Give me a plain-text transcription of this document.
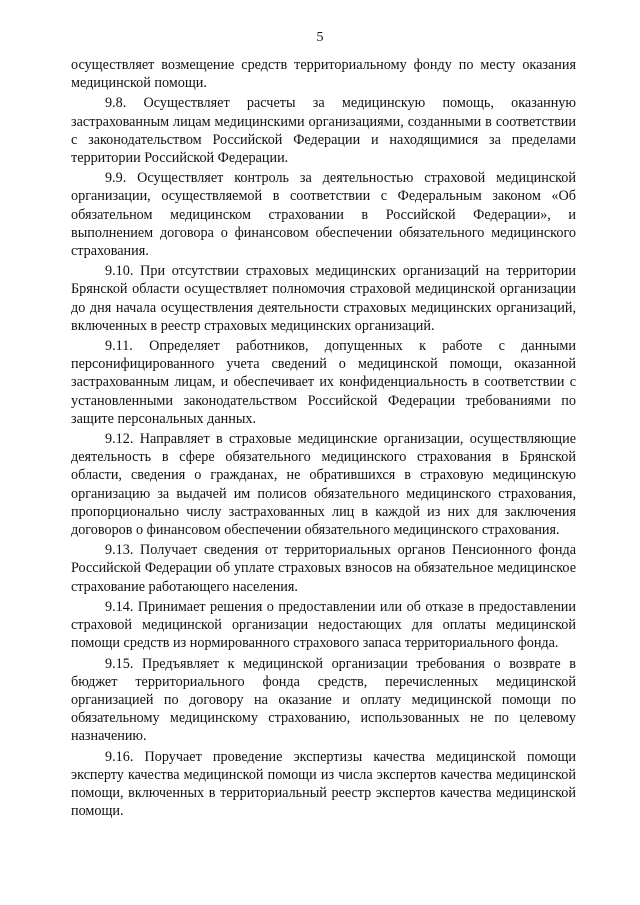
5

осуществляет возмещение средств территориальному фонду по месту оказания медицинской помощи.

9.8. Осуществляет расчеты за медицинскую помощь, оказанную застрахованным лицам медицинскими организациями, созданными в соответствии с законодательством Российской Федерации и находящимися за пределами территории Российской Федерации.

9.9. Осуществляет контроль за деятельностью страховой медицинской организации, осуществляемой в соответствии с Федеральным законом «Об обязательном медицинском страховании в Российской Федерации», и выполнением договора о финансовом обеспечении обязательного медицинского страхования.

9.10. При отсутствии страховых медицинских организаций на территории Брянской области осуществляет полномочия страховой медицинской организации до дня начала осуществления деятельности страховых медицинских организаций, включенных в реестр страховых медицинских организаций.

9.11. Определяет работников, допущенных к работе с данными персонифицированного учета сведений о медицинской помощи, оказанной застрахованным лицам, и обеспечивает их конфиденциальность в соответствии с установленными законодательством Российской Федерации требованиями по защите персональных данных.

9.12. Направляет в страховые медицинские организации, осуществляющие деятельность в сфере обязательного медицинского страхования в Брянской области, сведения о гражданах, не обратившихся в страховую медицинскую организацию за выдачей им полисов обязательного медицинского страхования, пропорционально числу застрахованных лиц в каждой из них для заключения договоров о финансовом обеспечении обязательного медицинского страхования.

9.13. Получает сведения от территориальных органов Пенсионного фонда Российской Федерации об уплате страховых взносов на обязательное медицинское страхование работающего населения.

9.14. Принимает решения о предоставлении или об отказе в предоставлении страховой медицинской организации недостающих для оплаты медицинской помощи средств из нормированного страхового запаса территориального фонда.

9.15. Предъявляет к медицинской организации требования о возврате в бюджет территориального фонда средств, перечисленных медицинской организацией по договору на оказание и оплату медицинской помощи по обязательному медицинскому страхованию, использованных не по целевому назначению.

9.16. Поручает проведение экспертизы качества медицинской помощи эксперту качества медицинской помощи из числа экспертов качества медицинской помощи, включенных в территориальный реестр экспертов качества медицинской помощи.
